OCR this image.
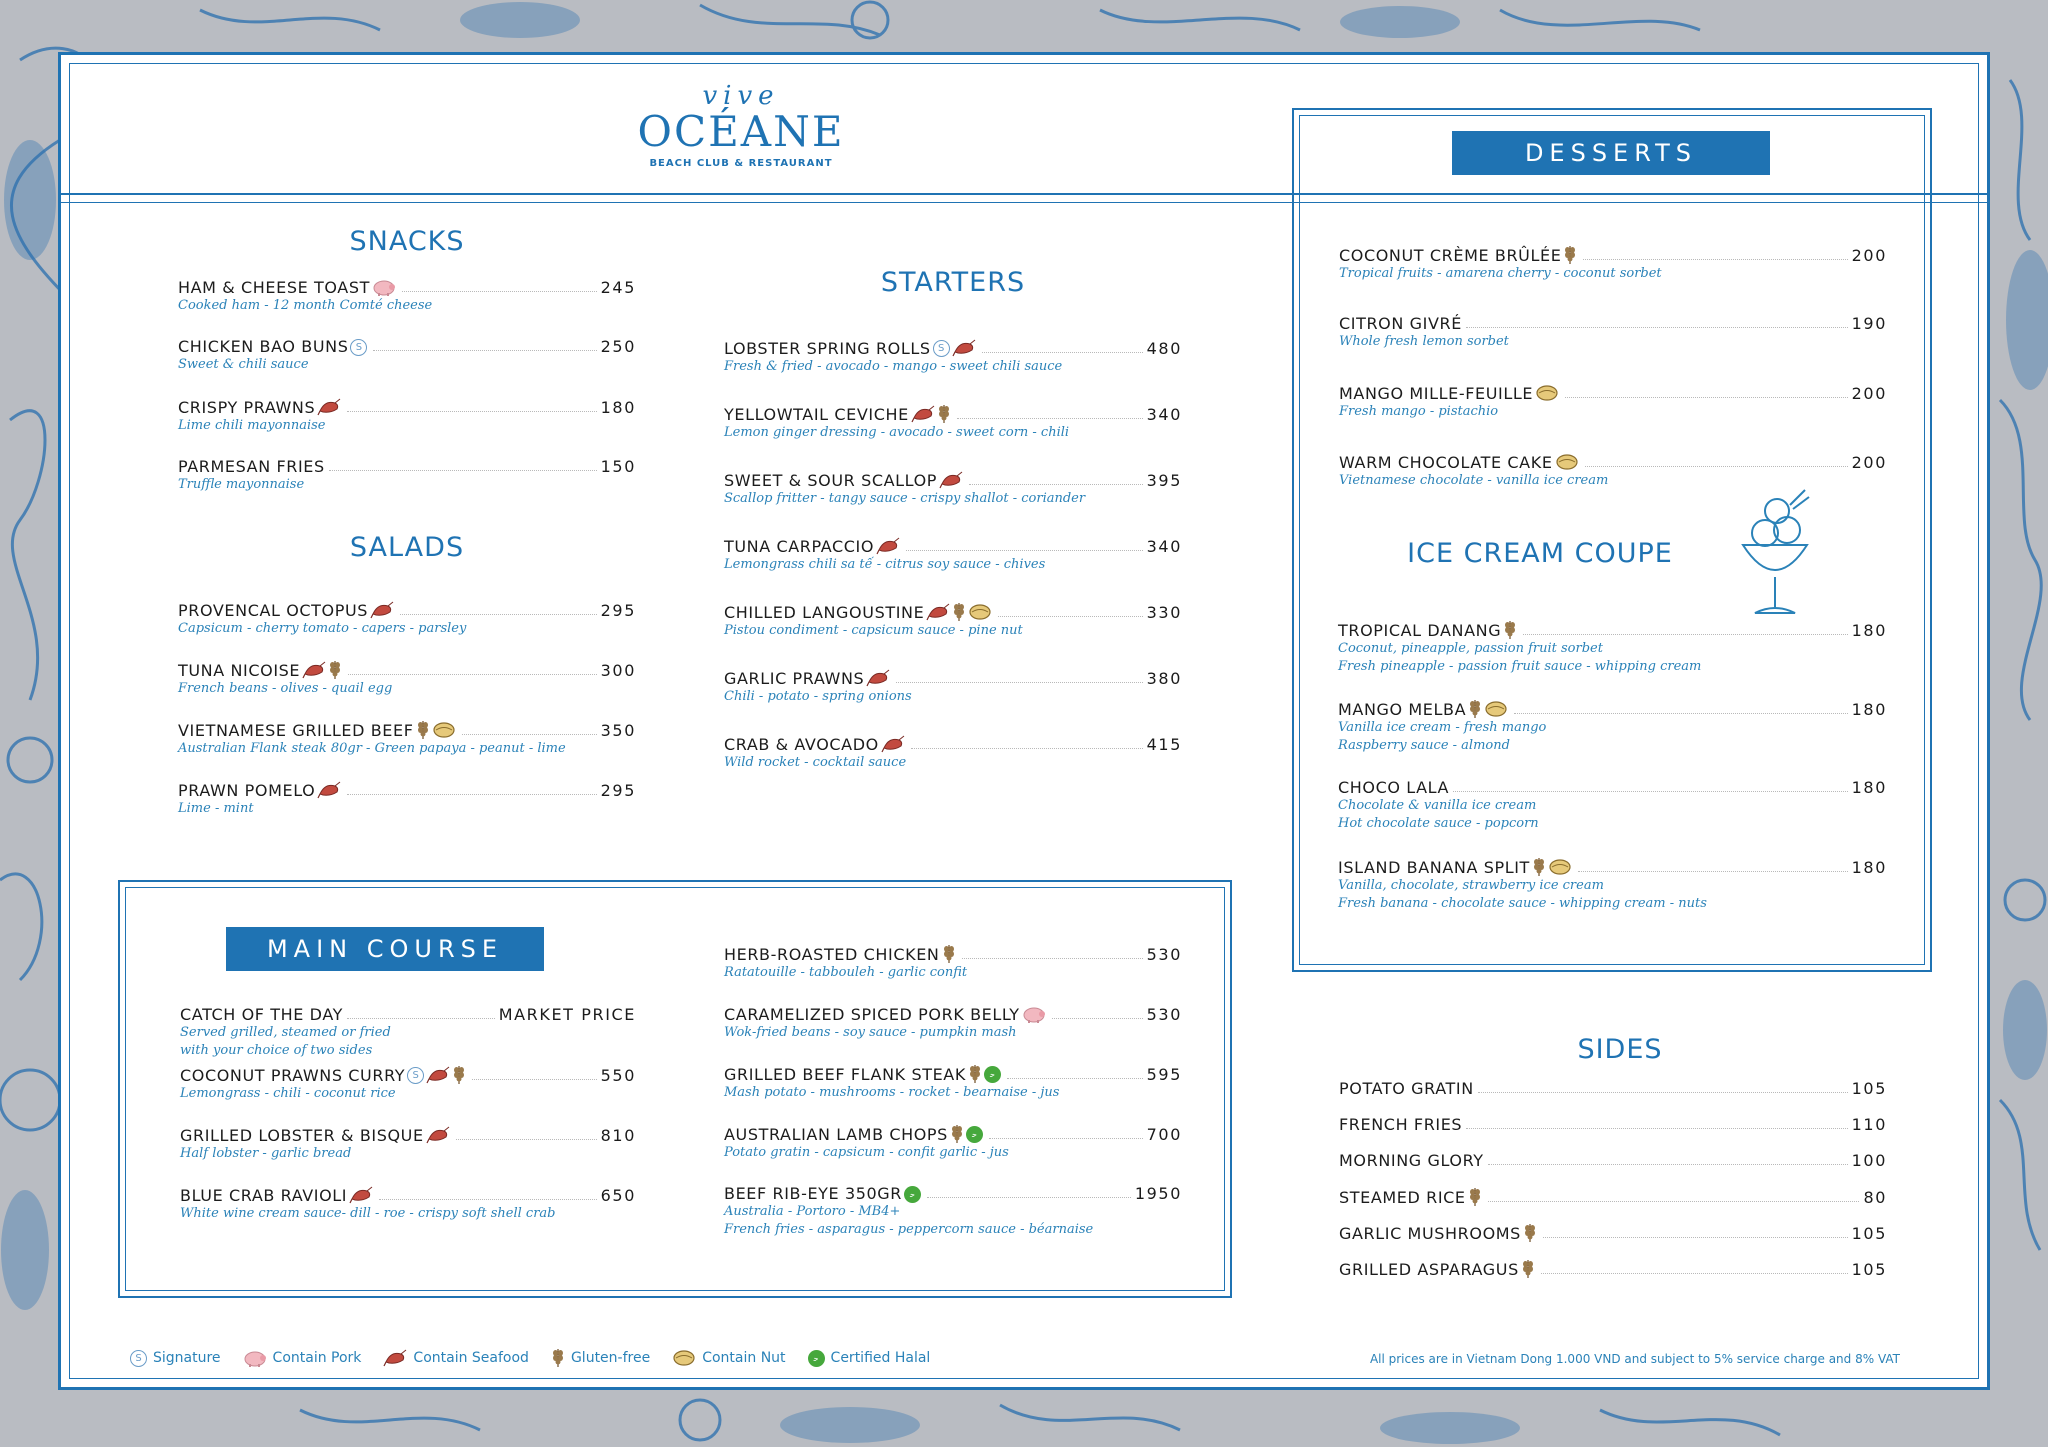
vive
OCÉANE
BEACH CLUB & RESTAURANT
SNACKS
SALADS
STARTERS
DESSERTS
ICE CREAM COUPE
MAIN COURSE
SIDES
HAM & CHEESE TOAST	245
Cooked ham - 12 month Comté cheese
CHICKEN BAO BUNS S	250
Sweet & chili sauce
CRISPY PRAWNS	180
Lime chili mayonnaise
PARMESAN FRIES	150
Truffle mayonnaise
PROVENCAL OCTOPUS	295
Capsicum - cherry tomato - capers - parsley
TUNA NICOISE	300
French beans - olives - quail egg
VIETNAMESE GRILLED BEEF	350
Australian Flank steak 80gr - Green papaya - peanut - lime
PRAWN POMELO	295
Lime - mint
LOBSTER SPRING ROLLS S	480
Fresh & fried - avocado - mango - sweet chili sauce
YELLOWTAIL CEVICHE	340
Lemon ginger dressing - avocado - sweet corn - chili
SWEET & SOUR SCALLOP	395
Scallop fritter - tangy sauce - crispy shallot - coriander
TUNA CARPACCIO	340
Lemongrass chili sa tế - citrus soy sauce - chives
CHILLED LANGOUSTINE	330
Pistou condiment - capsicum sauce - pine nut
GARLIC PRAWNS	380
Chili - potato - spring onions
CRAB & AVOCADO	415
Wild rocket - cocktail sauce
CATCH OF THE DAY	MARKET PRICE
Served grilled, steamed or fried
with your choice of two sides
COCONUT PRAWNS CURRY S	550
Lemongrass - chili - coconut rice
GRILLED LOBSTER & BISQUE	810
Half lobster - garlic bread
BLUE CRAB RAVIOLI	650
White wine cream sauce- dill - roe - crispy soft shell crab
HERB-ROASTED CHICKEN	530
Ratatouille - tabbouleh - garlic confit
CARAMELIZED SPICED PORK BELLY	530
Wok-fried beans - soy sauce - pumpkin mash
GRILLED BEEF FLANK STEAK	ﺣ	595
Mash potato - mushrooms - rocket - bearnaise - jus
AUSTRALIAN LAMB CHOPS	ﺣ	700
Potato gratin - capsicum - confit garlic - jus
BEEF RIB-EYE 350GR	ﺣ	1950
Australia - Portoro - MB4+
French fries - asparagus - peppercorn sauce - béarnaise
COCONUT CRÈME BRÛLÉE	200
Tropical fruits - amarena cherry - coconut sorbet
CITRON GIVRÉ	190
Whole fresh lemon sorbet
MANGO MILLE-FEUILLE	200
Fresh mango - pistachio
WARM CHOCOLATE CAKE	200
Vietnamese chocolate - vanilla ice cream
TROPICAL DANANG	180
Coconut, pineapple, passion fruit sorbet
Fresh pineapple - passion fruit sauce - whipping cream
MANGO MELBA	180
Vanilla ice cream - fresh mango
Raspberry sauce - almond
CHOCO LALA	180
Chocolate & vanilla ice cream
Hot chocolate sauce - popcorn
ISLAND BANANA SPLIT	180
Vanilla, chocolate, strawberry ice cream
Fresh banana - chocolate sauce - whipping cream - nuts
POTATO GRATIN	105
FRENCH FRIES	110
MORNING GLORY	100
STEAMED RICE	80
GARLIC MUSHROOMS	105
GRILLED ASPARAGUS	105
S Signature	Contain Pork	Contain Seafood	Gluten-free	Contain Nut	ﺣ Certified Halal	All prices are in Vietnam Dong 1.000 VND and subject to 5% service charge and 8% VAT
